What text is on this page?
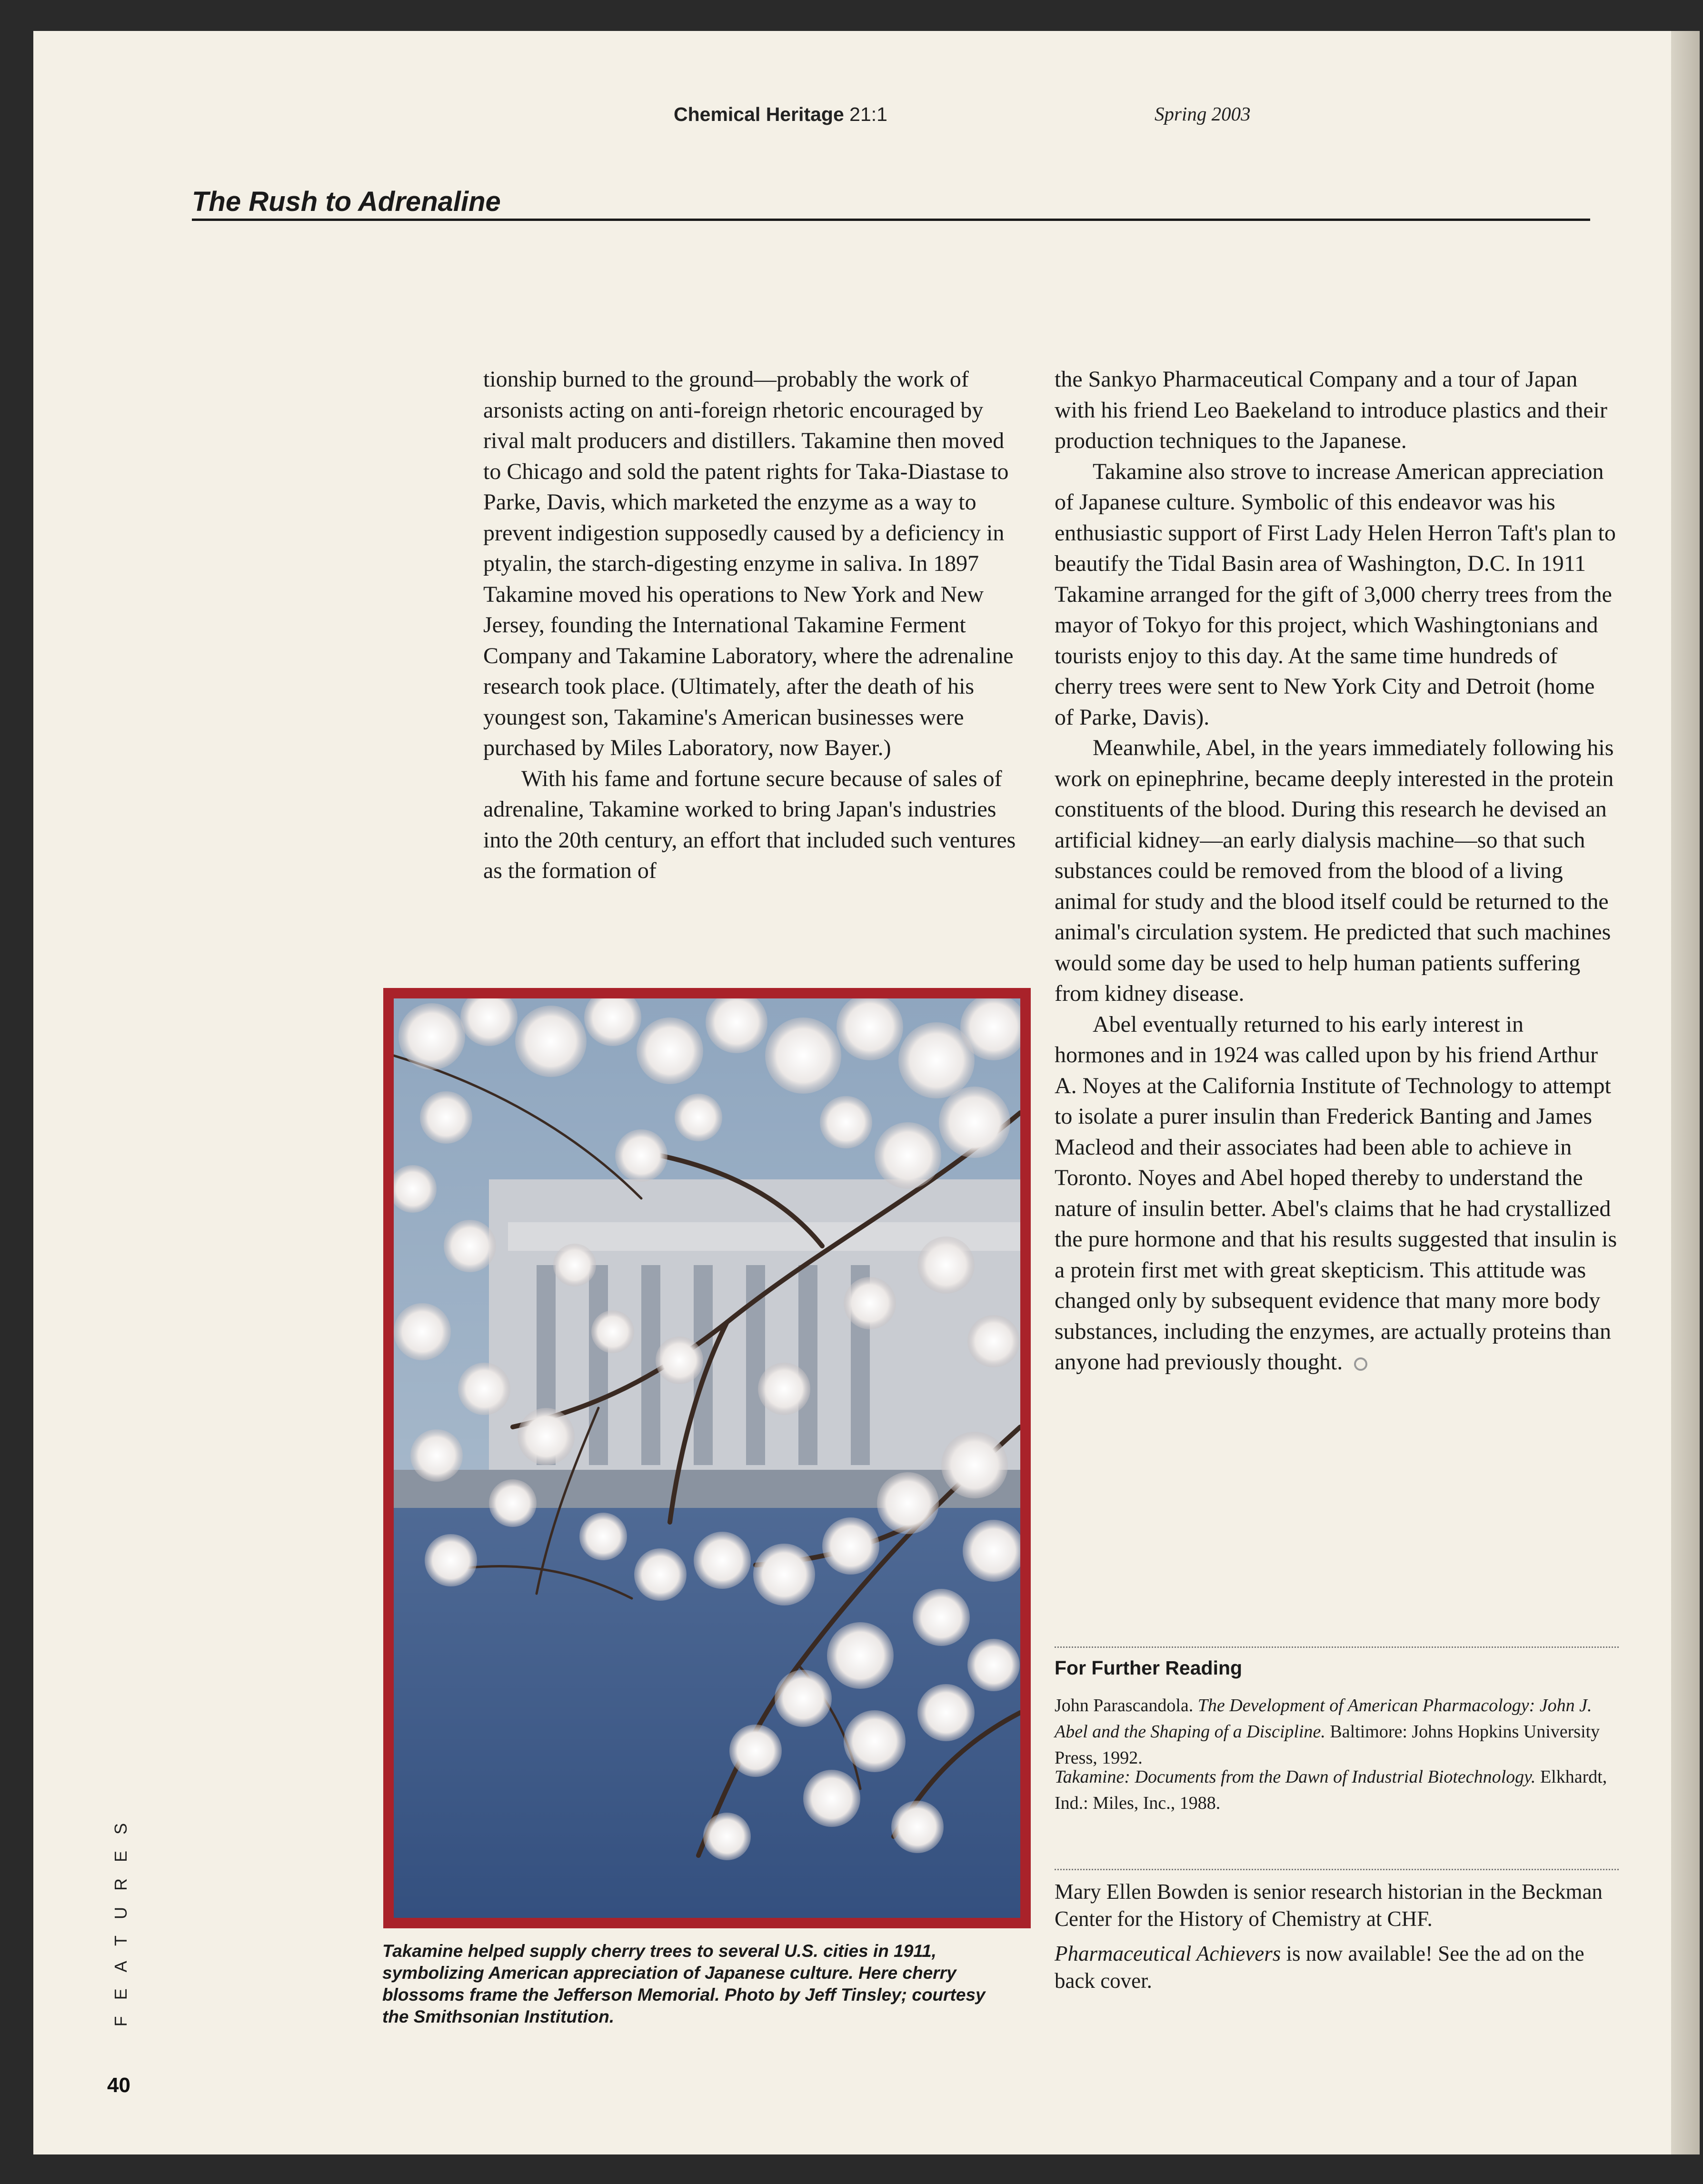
Chemical Heritage 21:1	Spring 2003
The Rush to Adrenaline

tionship burned to the ground—probably the work of arsonists acting on anti-foreign rhetoric encouraged by rival malt producers and distillers. Takamine then moved to Chicago and sold the patent rights for Taka-Diastase to Parke, Davis, which marketed the enzyme as a way to prevent indigestion supposedly caused by a deficiency in ptyalin, the starch-digesting enzyme in saliva. In 1897 Takamine moved his operations to New York and New Jersey, founding the International Takamine Ferment Company and Takamine Laboratory, where the adrenaline research took place. (Ultimately, after the death of his youngest son, Takamine's American businesses were purchased by Miles Laboratory, now Bayer.)

With his fame and fortune secure because of sales of adrenaline, Takamine worked to bring Japan's industries into the 20th century, an effort that included such ventures as the formation of

the Sankyo Pharmaceutical Company and a tour of Japan with his friend Leo Baekeland to introduce plastics and their production techniques to the Japanese.

Takamine also strove to increase American appreciation of Japanese culture. Symbolic of this endeavor was his enthusiastic support of First Lady Helen Herron Taft's plan to beautify the Tidal Basin area of Washington, D.C. In 1911 Takamine arranged for the gift of 3,000 cherry trees from the mayor of Tokyo for this project, which Washingtonians and tourists enjoy to this day. At the same time hundreds of cherry trees were sent to New York City and Detroit (home of Parke, Davis).

Meanwhile, Abel, in the years immediately following his work on epinephrine, became deeply interested in the protein constituents of the blood. During this research he devised an artificial kidney—an early dialysis machine—so that such substances could be removed from the blood of a living animal for study and the blood itself could be returned to the animal's circulation system. He predicted that such machines would some day be used to help human patients suffering from kidney disease.

Abel eventually returned to his early interest in hormones and in 1924 was called upon by his friend Arthur A. Noyes at the California Institute of Technology to attempt to isolate a purer insulin than Frederick Banting and James Macleod and their associates had been able to achieve in Toronto. Noyes and Abel hoped thereby to understand the nature of insulin better. Abel's claims that he had crystallized the pure hormone and that his results suggested that insulin is a protein first met with great skepticism. This attitude was changed only by subsequent evidence that many more body substances, including the enzymes, are actually proteins than anyone had previously thought.

Takamine helped supply cherry trees to several U.S. cities in 1911, symbolizing American appreciation of Japanese culture. Here cherry blossoms frame the Jefferson Memorial. Photo by Jeff Tinsley; courtesy the Smithsonian Institution.
For Further Reading
John Parascandola. The Development of American Pharmacology: John J. Abel and the Shaping of a Discipline. Baltimore: Johns Hopkins University Press, 1992.
Takamine: Documents from the Dawn of Industrial Biotechnology. Elkhardt, Ind.: Miles, Inc., 1988.
Mary Ellen Bowden is senior research historian in the Beckman Center for the History of Chemistry at CHF.
Pharmaceutical Achievers is now available! See the ad on the back cover.
FEATURES
40
